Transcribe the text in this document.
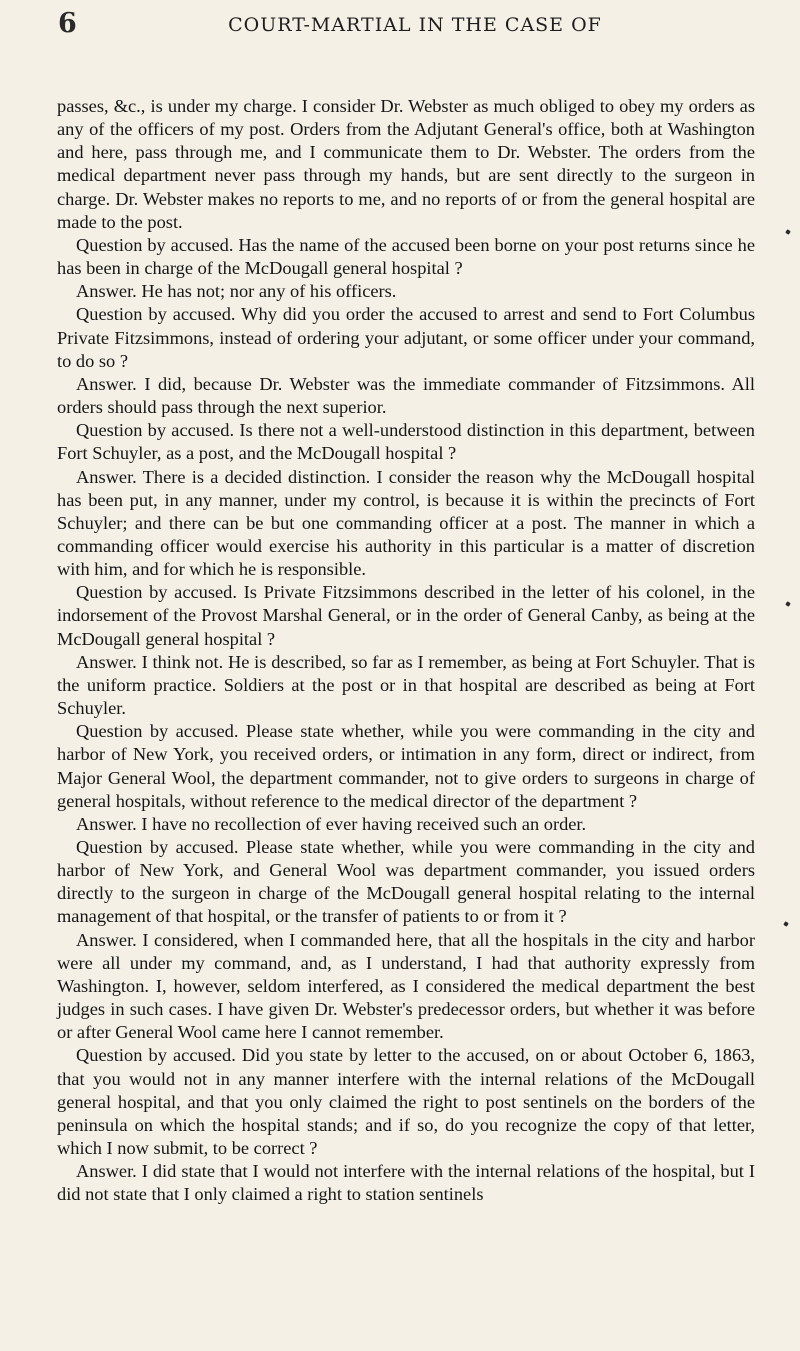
6	COURT-MARTIAL IN THE CASE OF

passes, &c., is under my charge. I consider Dr. Webster as much obliged to obey my orders as any of the officers of my post. Orders from the Adjutant General's office, both at Washington and here, pass through me, and I communicate them to Dr. Webster. The orders from the medical department never pass through my hands, but are sent directly to the surgeon in charge. Dr. Webster makes no reports to me, and no reports of or from the general hospital are made to the post.

Question by accused. Has the name of the accused been borne on your post returns since he has been in charge of the McDougall general hospital ?

Answer. He has not; nor any of his officers.

Question by accused. Why did you order the accused to arrest and send to Fort Columbus Private Fitzsimmons, instead of ordering your adjutant, or some officer under your command, to do so ?

Answer. I did, because Dr. Webster was the immediate commander of Fitzsimmons. All orders should pass through the next superior.

Question by accused. Is there not a well-understood distinction in this department, between Fort Schuyler, as a post, and the McDougall hospital ?

Answer. There is a decided distinction. I consider the reason why the McDougall hospital has been put, in any manner, under my control, is because it is within the precincts of Fort Schuyler; and there can be but one commanding officer at a post. The manner in which a commanding officer would exercise his authority in this particular is a matter of discretion with him, and for which he is responsible.

Question by accused. Is Private Fitzsimmons described in the letter of his colonel, in the indorsement of the Provost Marshal General, or in the order of General Canby, as being at the McDougall general hospital ?

Answer. I think not. He is described, so far as I remember, as being at Fort Schuyler. That is the uniform practice. Soldiers at the post or in that hospital are described as being at Fort Schuyler.

Question by accused. Please state whether, while you were commanding in the city and harbor of New York, you received orders, or intimation in any form, direct or indirect, from Major General Wool, the department commander, not to give orders to surgeons in charge of general hospitals, without reference to the medical director of the department ?

Answer. I have no recollection of ever having received such an order.

Question by accused. Please state whether, while you were commanding in the city and harbor of New York, and General Wool was department commander, you issued orders directly to the surgeon in charge of the McDougall general hospital relating to the internal management of that hospital, or the transfer of patients to or from it ?

Answer. I considered, when I commanded here, that all the hospitals in the city and harbor were all under my command, and, as I understand, I had that authority expressly from Washington. I, however, seldom interfered, as I considered the medical department the best judges in such cases. I have given Dr. Webster's predecessor orders, but whether it was before or after General Wool came here I cannot remember.

Question by accused. Did you state by letter to the accused, on or about October 6, 1863, that you would not in any manner interfere with the internal relations of the McDougall general hospital, and that you only claimed the right to post sentinels on the borders of the peninsula on which the hospital stands; and if so, do you recognize the copy of that letter, which I now submit, to be correct ?

Answer. I did state that I would not interfere with the internal relations of the hospital, but I did not state that I only claimed a right to station sentinels
